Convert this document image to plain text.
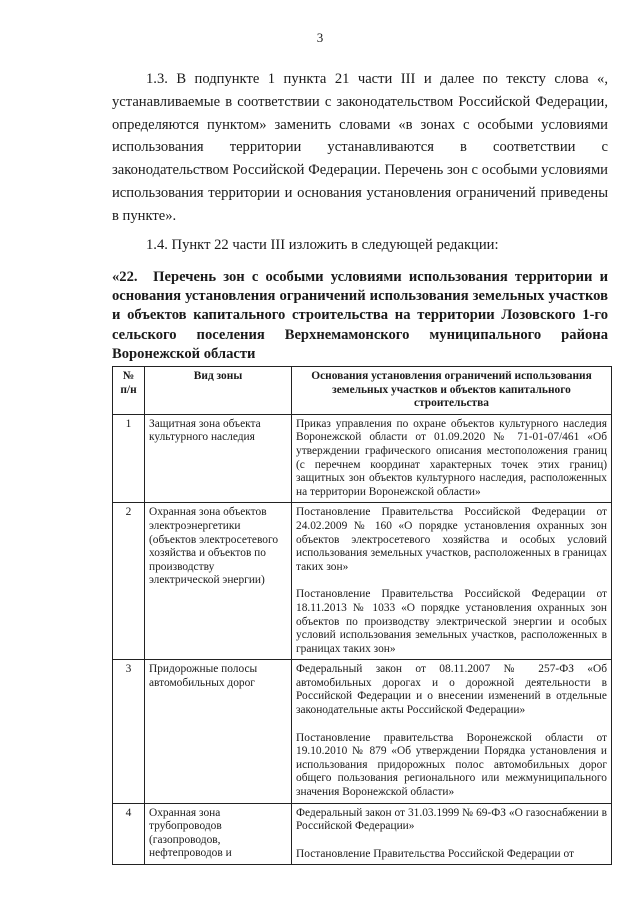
3

1.3. В подпункте 1 пункта 21 части III и далее по тексту слова «, устанавливаемые в соответствии с законодательством Российской Федерации, определяются пунктом» заменить словами «в зонах с особыми условиями использования территории устанавливаются в соответствии с законодательством Российской Федерации. Перечень зон с особыми условиями использования территории и основания установления ограничений приведены в пункте».

1.4. Пункт 22 части III изложить в следующей редакции:

«22. Перечень зон с особыми условиями использования территории и основания установления ограничений использования земельных участков и объектов капитального строительства на территории Лозовского 1-го сельского поселения Верхнемамонского муниципального района Воронежской области
№ п/н	Вид зоны	Основания установления ограничений использования земельных участков и объектов капитального строительства
1	Защитная зона объекта культурного наследия	Приказ управления по охране объектов культурного наследия Воронежской области от 01.09.2020 № 71-01-07/461 «Об утверждении графического описания местоположения границ (с перечнем координат характерных точек этих границ) защитных зон объектов культурного наследия, расположенных на территории Воронежской области»

2	Охранная зона объектов электроэнергетики (объектов электросетевого хозяйства и объектов по производству электрической энергии)	Постановление Правительства Российской Федерации от 24.02.2009 № 160 «О порядке установления охранных зон объектов электросетевого хозяйства и особых условий использования земельных участков, расположенных в границах таких зон»
Постановление Правительства Российской Федерации от 18.11.2013 № 1033 «О порядке установления охранных зон объектов по производству электрической энергии и особых условий использования земельных участков, расположенных в границах таких зон»

3	Придорожные полосы автомобильных дорог	Федеральный закон от 08.11.2007 № 257-ФЗ «Об автомобильных дорогах и о дорожной деятельности в Российской Федерации и о внесении изменений в отдельные законодательные акты Российской Федерации»
Постановление правительства Воронежской области от 19.10.2010 № 879 «Об утверждении Порядка установления и использования придорожных полос автомобильных дорог общего пользования регионального или межмуниципального значения Воронежской области»

4	Охранная зона трубопроводов (газопроводов, нефтепроводов и	Федеральный закон от 31.03.1999 № 69-ФЗ «О газоснабжении в Российской Федерации»
Постановление Правительства Российской Федерации от
